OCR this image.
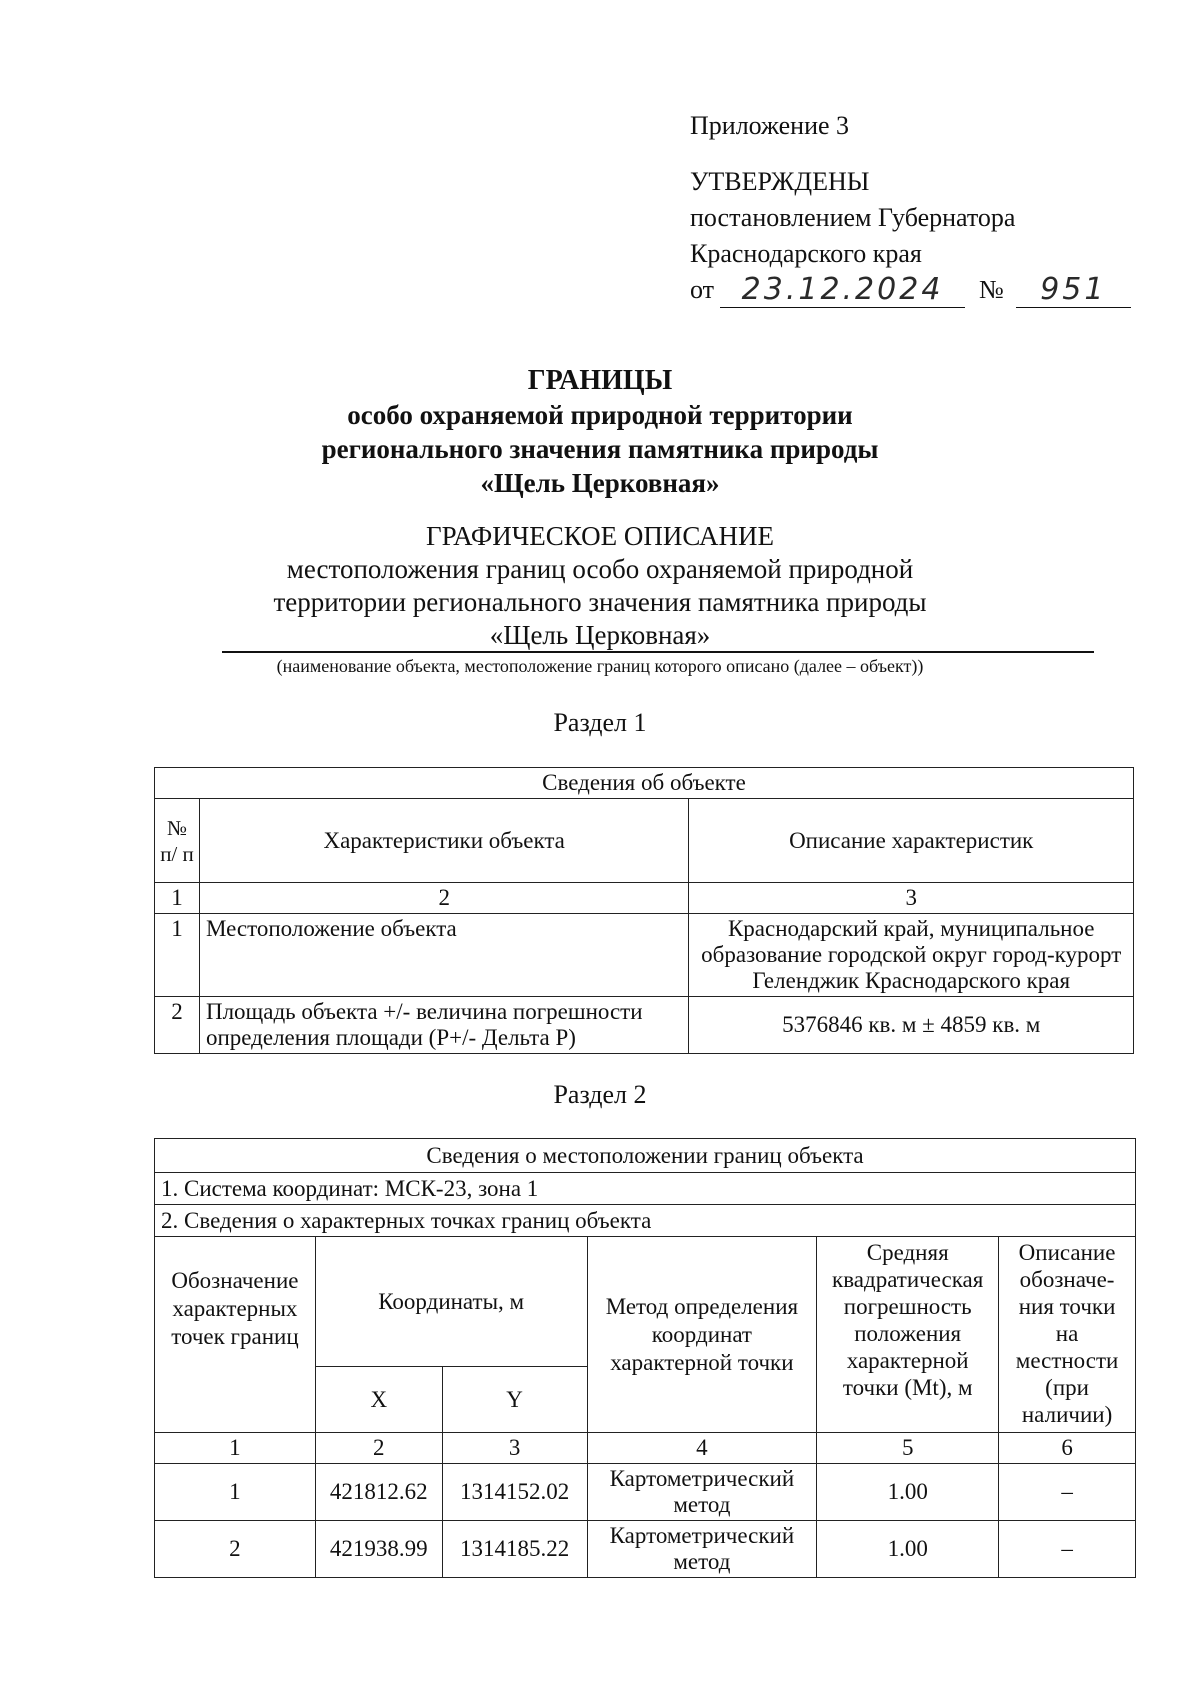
Приложение 3
УТВЕРЖДЕНЫ
постановлением Губернатора
Краснодарского края
от 23.12.2024	№	951
ГРАНИЦЫ
особо охраняемой природной территории
регионального значения памятника природы
«Щель Церковная»
ГРАФИЧЕСКОЕ ОПИСАНИЕ
местоположения границ особо охраняемой природной
территории регионального значения памятника природы
«Щель Церковная»
(наименование объекта, местоположение границ которого описано (далее – объект))
Раздел 1
Сведения об объекте		
№ п/ п	Характеристики объекта	Описание характеристик
1	2	3
1	Местоположение объекта	Краснодарский край, муниципальное образование городской округ город-курорт Геленджик Краснодарского края
2	Площадь объекта +/- величина погрешности определения площади (Р+/- Дельта Р)	5376846 кв. м ± 4859 кв. м
Раздел 2
Сведения о местоположении границ объекта					
1. Система координат: МСК-23, зона 1					
2. Сведения о характерных точках границ объекта					
Обозначение характерных точек границ	Координаты, м		Метод определения координат характерной точки	Средняя квадратическая погрешность положения характерной точки (Mt), м	Описание обозначе-ния точки на местности (при наличии)
	X	Y			
1	2	3	4	5	6
1	421812.62	1314152.02	Картометрический метод	1.00	–
2	421938.99	1314185.22	Картометрический метод	1.00	–
